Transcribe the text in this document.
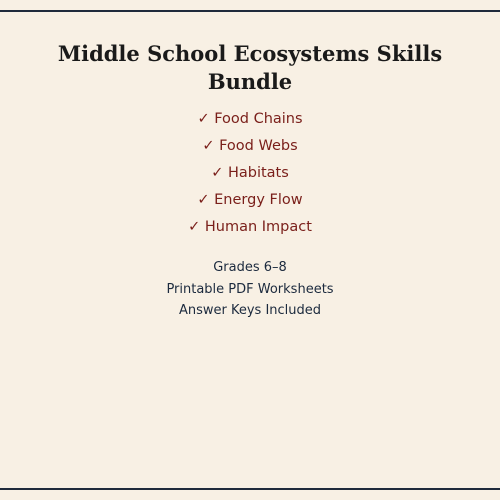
Middle School Ecosystems Skills Bundle
✓ Food Chains
✓ Food Webs
✓ Habitats
✓ Energy Flow
✓ Human Impact
Grades 6–8
Printable PDF Worksheets
Answer Keys Included
